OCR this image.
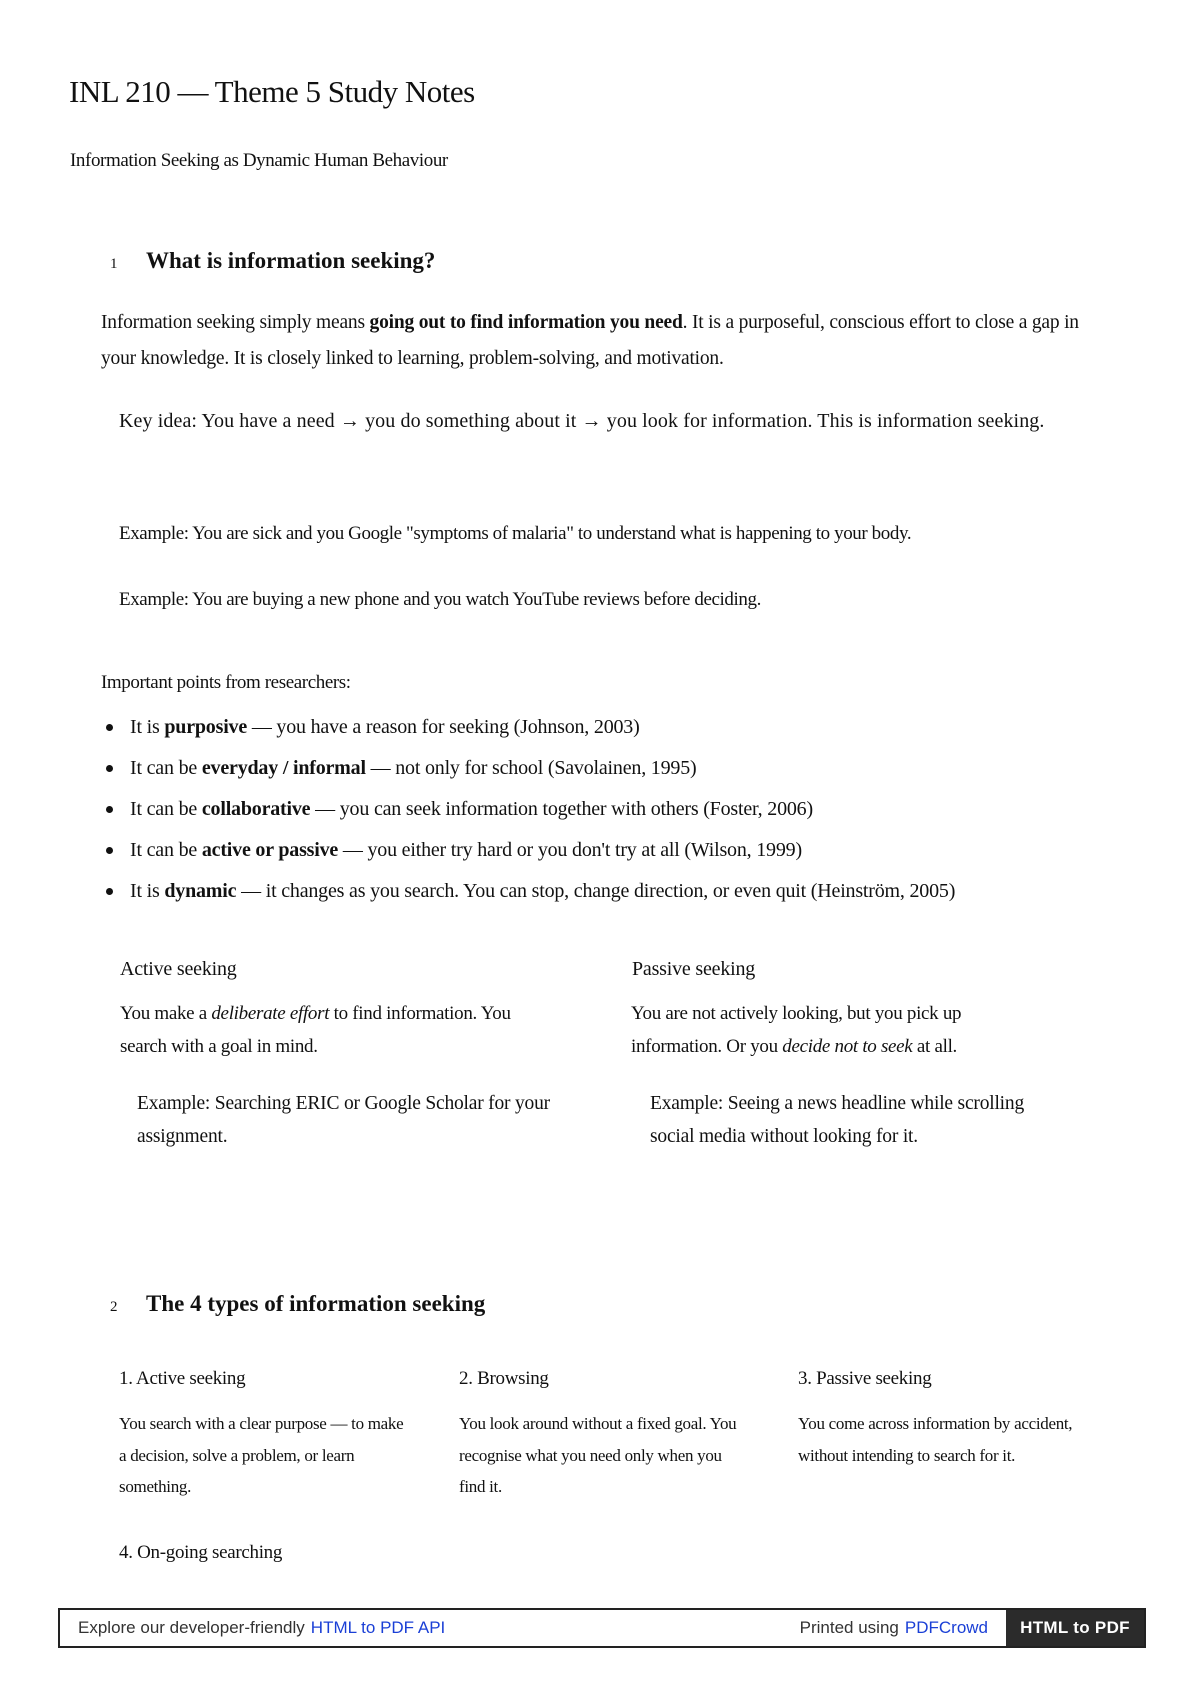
INL 210 — Theme 5 Study Notes

Information Seeking as Dynamic Human Behaviour

1	What is information seeking?

Information seeking simply means going out to find information you need. It is a purposeful, conscious effort to close a gap in your knowledge. It is closely linked to learning, problem-solving, and motivation.

Key idea: You have a need → you do something about it → you look for information. This is information seeking.

Example: You are sick and you Google "symptoms of malaria" to understand what is happening to your body.

Example: You are buying a new phone and you watch YouTube reviews before deciding.

Important points from researchers:

It is purposive — you have a reason for seeking (Johnson, 2003)
It can be everyday / informal — not only for school (Savolainen, 1995)
It can be collaborative — you can seek information together with others (Foster, 2006)
It can be active or passive — you either try hard or you don't try at all (Wilson, 1999)
It is dynamic — it changes as you search. You can stop, change direction, or even quit (Heinström, 2005)

Active seeking

You make a deliberate effort to find information. You search with a goal in mind.

Example: Searching ERIC or Google Scholar for your assignment.

Passive seeking

You are not actively looking, but you pick up information. Or you decide not to seek at all.

Example: Seeing a news headline while scrolling social media without looking for it.

2	The 4 types of information seeking

1. Active seeking

You search with a clear purpose — to make a decision, solve a problem, or learn something.

2. Browsing

You look around without a fixed goal. You recognise what you need only when you find it.

3. Passive seeking

You come across information by accident, without intending to search for it.

4. On-going searching

Explore our developer-friendly HTML to PDF API	Printed using PDFCrowd	HTML to PDF
